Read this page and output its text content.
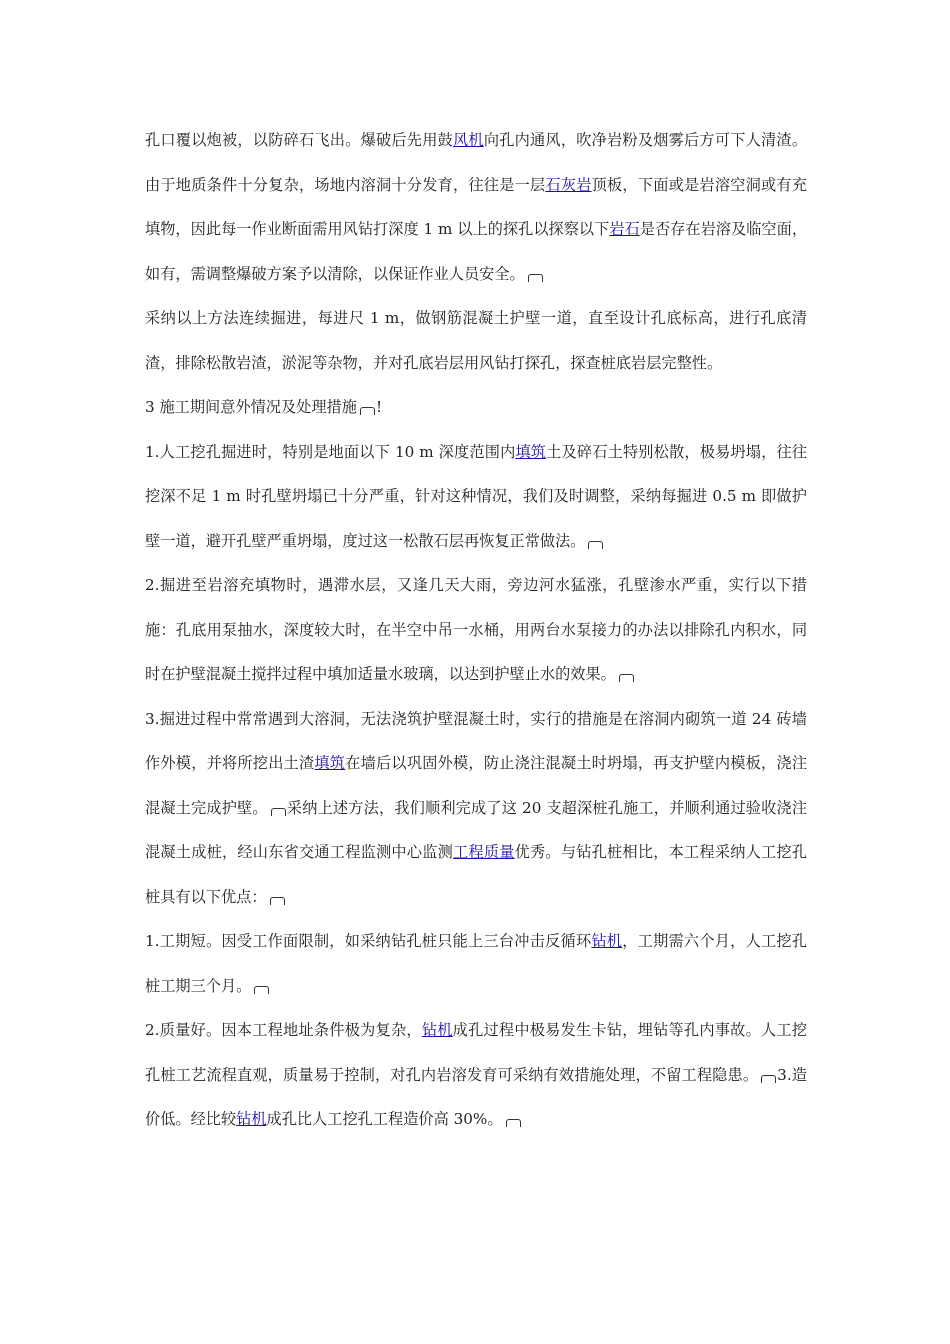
孔口覆以炮被，以防碎石飞出。爆破后先用鼓风机向孔内通风，吹净岩粉及烟雾后方可下人清渣。由于地质条件十分复杂，场地内溶洞十分发育，往往是一层石灰岩顶板，下面或是岩溶空洞或有充填物，因此每一作业断面需用风钻打深度 1 m 以上的探孔以探察以下岩石是否存在岩溶及临空面，如有，需调整爆破方案予以清除，以保证作业人员安全。

采纳以上方法连续掘进，每进尺 1 m，做钢筋混凝土护壁一道，直至设计孔底标高，进行孔底清渣，排除松散岩渣，淤泥等杂物，并对孔底岩层用风钻打探孔，探查桩底岩层完整性。

3 施工期间意外情况及处理措施 !

1.人工挖孔掘进时，特别是地面以下 10 m 深度范围内填筑土及碎石土特别松散，极易坍塌，往往挖深不足 1 m 时孔壁坍塌已十分严重，针对这种情况，我们及时调整，采纳每掘进 0.5 m 即做护壁一道，避开孔壁严重坍塌，度过这一松散石层再恢复正常做法。

2.掘进至岩溶充填物时，遇滞水层，又逢几天大雨，旁边河水猛涨，孔壁渗水严重，实行以下措施：孔底用泵抽水，深度较大时，在半空中吊一水桶，用两台水泵接力的办法以排除孔内积水，同时在护壁混凝土搅拌过程中填加适量水玻璃，以达到护壁止水的效果。

3.掘进过程中常常遇到大溶洞，无法浇筑护壁混凝土时，实行的措施是在溶洞内砌筑一道 24 砖墙作外模，并将所挖出土渣填筑在墙后以巩固外模，防止浇注混凝土时坍塌，再支护壁内模板，浇注混凝土完成护壁。 采纳上述方法，我们顺利完成了这 20 支超深桩孔施工，并顺利通过验收浇注混凝土成桩，经山东省交通工程监测中心监测工程质量优秀。与钻孔桩相比，本工程采纳人工挖孔桩具有以下优点：

1.工期短。因受工作面限制，如采纳钻孔桩只能上三台冲击反循环钻机，工期需六个月，人工挖孔桩工期三个月。

2.质量好。因本工程地址条件极为复杂，钻机成孔过程中极易发生卡钻，埋钻等孔内事故。人工挖孔桩工艺流程直观，质量易于控制，对孔内岩溶发育可采纳有效措施处理，不留工程隐患。 3.造价低。经比较钻机成孔比人工挖孔工程造价高 30%。
